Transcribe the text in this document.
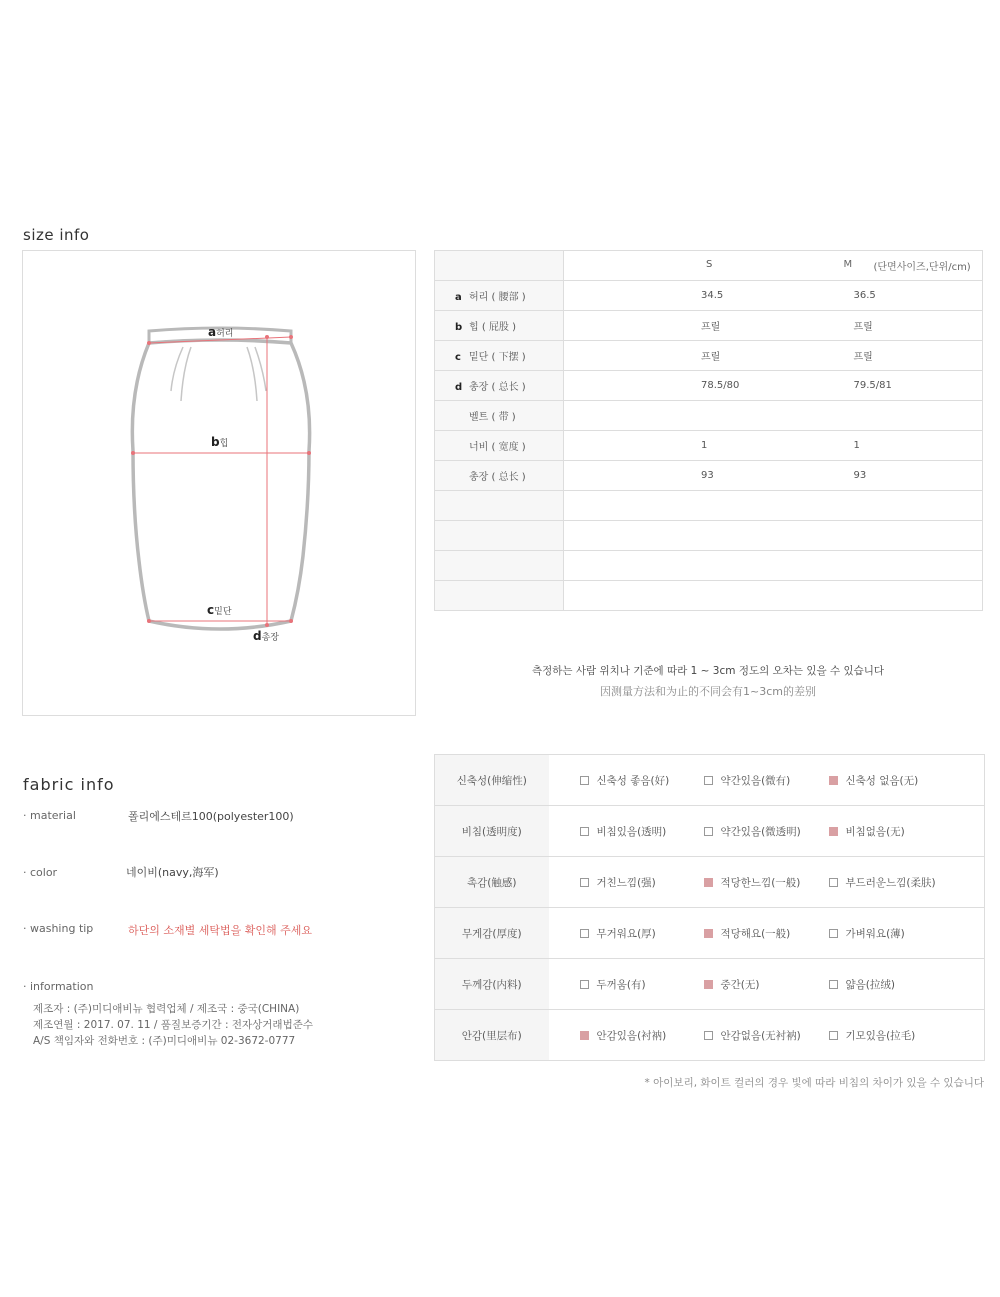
size info
a허리
b힙
c밑단
d총장

	S	M (단면사이즈,단위/cm)

a 허리 ( 腰部 )	34.5	36.5
b 힙 ( 屁股 )	프릴	프릴
c 밑단 ( 下摆 )	프릴	프릴
d 총장 ( 总长 )	78.5/80	79.5/81
벨트 ( 带 )		
너비 ( 宽度 )	1	1
총장 ( 总长 )	93	93

측정하는 사람 위치나 기준에 따라 1 ~ 3cm 정도의 오차는 있을 수 있습니다
因测量方法和为止的不同会有1~3cm的差别
fabric info
· material	폴리에스테르100(polyester100)
· color	네이비(navy,海军)
· washing tip	하단의 소재별 세탁법을 확인해 주세요
· information
제조자 : (주)미디애비뉴 협력업체 / 제조국 : 중국(CHINA)
제조연월 : 2017. 07. 11 / 품질보증기간 : 전자상거래법준수
A/S 책임자와 전화번호 : (주)미디애비뉴 02-3672-0777
신축성(伸缩性)	신축성 좋음(好)	약간있음(微有)	신축성 없음(无)
비침(透明度)	비침있음(透明)	약간있음(微透明)	비침없음(无)
촉감(触感)	거친느낌(强)	적당한느낌(一般)	부드러운느낌(柔肤)
무게감(厚度)	무거워요(厚)	적당해요(一般)	가벼워요(薄)
두께감(内料)	두꺼움(有)	중간(无)	얇음(拉绒)
안감(里层布)	안감있음(衬衲)	안감없음(无衬衲)	기모있음(拉毛)
* 아이보리, 화이트 컬러의 경우 빛에 따라 비침의 차이가 있을 수 있습니다
